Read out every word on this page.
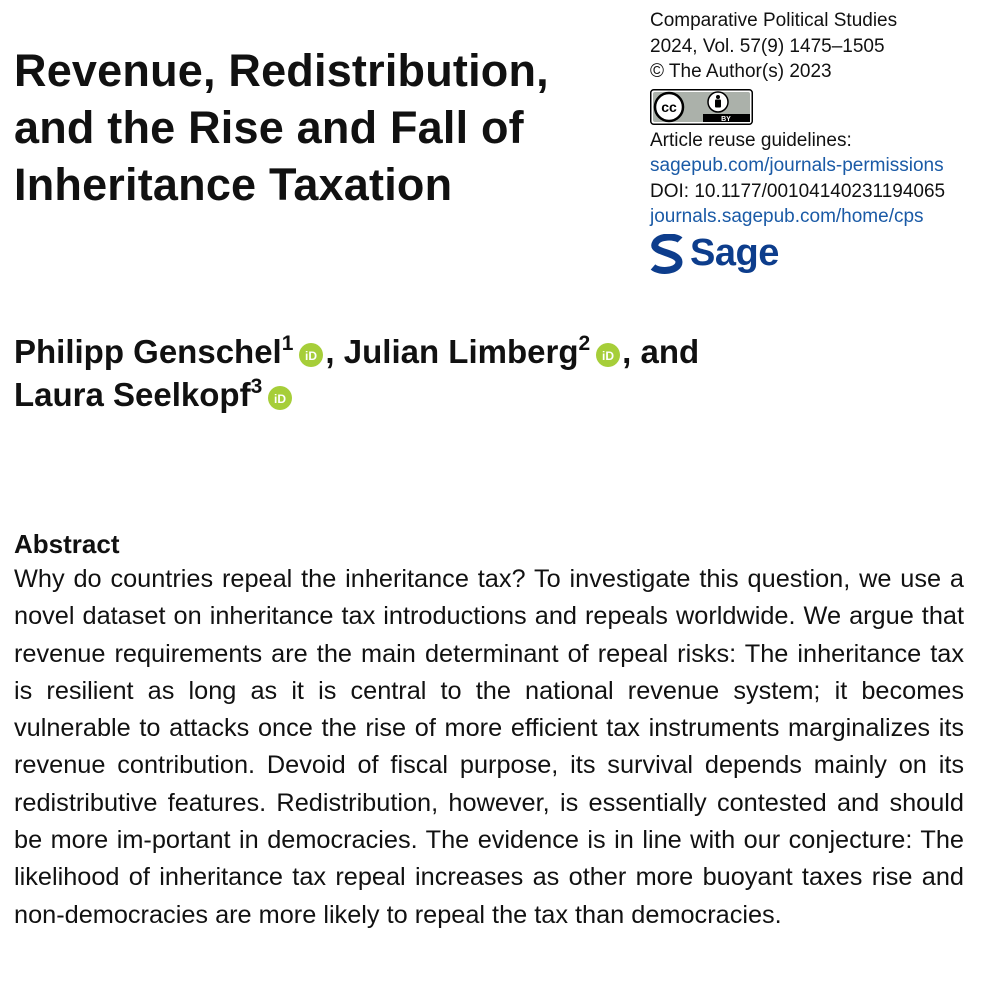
Revenue, Redistribution, and the Rise and Fall of Inheritance Taxation
Comparative Political Studies
2024, Vol. 57(9) 1475–1505
© The Author(s) 2023
cc
BY
Article reuse guidelines:
sagepub.com/journals-permissions
DOI: 10.1177/00104140231194065
journals.sagepub.com/home/cps
Sage
Philipp Genschel$^1$
iD , Julian Limberg$^2$
iD , and
Laura Seelkopf$^3$
iD
Abstract

Why do countries repeal the inheritance tax? To investigate this question, we use a novel dataset on inheritance tax introductions and repeals worldwide. We argue that revenue requirements are the main determinant of repeal risks: The inheritance tax is resilient as long as it is central to the national revenue system; it becomes vulnerable to attacks once the rise of more efficient tax instruments marginalizes its revenue contribution. Devoid of fiscal purpose, its survival depends mainly on its redistributive features. Redistribution, however, is essentially contested and should be more im-portant in democracies. The evidence is in line with our conjecture: The likelihood of inheritance tax repeal increases as other more buoyant taxes rise and non-democracies are more likely to repeal the tax than democracies.
